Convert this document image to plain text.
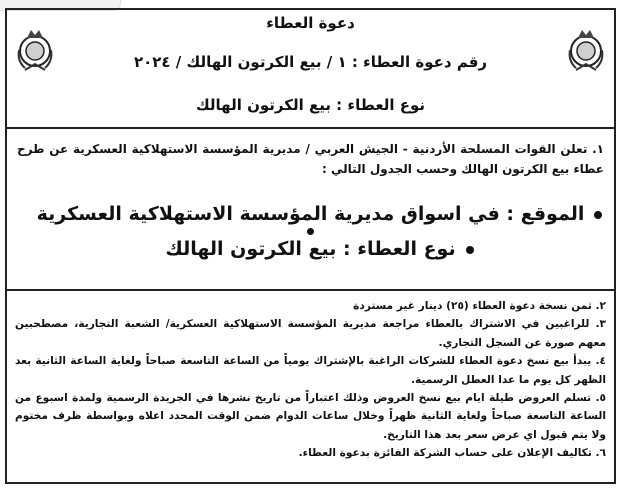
دعوة العطاء
رقم دعوة العطاء : ١ / بيع الكرتون الهالك / ٢٠٢٤
نوع العطاء : بيع الكرتون الهالك
١. تعلن القوات المسلحة الأردنية - الجيش العربي / مديرية المؤسسة الاستهلاكية العسكرية عن طرح عطاء بيع الكرتون الهالك وحسب الجدول التالي :
الموقع : في اسواق مديرية المؤسسة الاستهلاكية العسكرية
نوع العطاء : بيع الكرتون الهالك

٢. ثمن نسخة دعوة العطاء (٢٥) دينار غير مستردة

٣. للراغبين في الاشتراك بالعطاء مراجعة مديرية المؤسسة الاستهلاكية العسكرية/ الشعبة التجارية، مصطحبين معهم صورة عن السجل التجاري.

٤. يبدأ بيع نسخ دعوة العطاء للشركات الراغبة بالإشتراك يومياً من الساعة التاسعة صباحاً ولغاية الساعة الثانية بعد الظهر كل يوم ما عدا العطل الرسمية.

٥. تسلم العروض طيلة ايام بيع نسخ العروض وذلك اعتباراً من تاريخ نشرها في الجريدة الرسمية ولمدة اسبوع من الساعة التاسعة صباحاً ولغاية الثانية ظهراً وخلال ساعات الدوام ضمن الوقت المحدد اعلاه وبواسطة ظرف مختوم ولا يتم قبول اي عرض سعر بعد هذا التاريخ.

٦. تكاليف الإعلان على حساب الشركة الفائزة بدعوة العطاء.
